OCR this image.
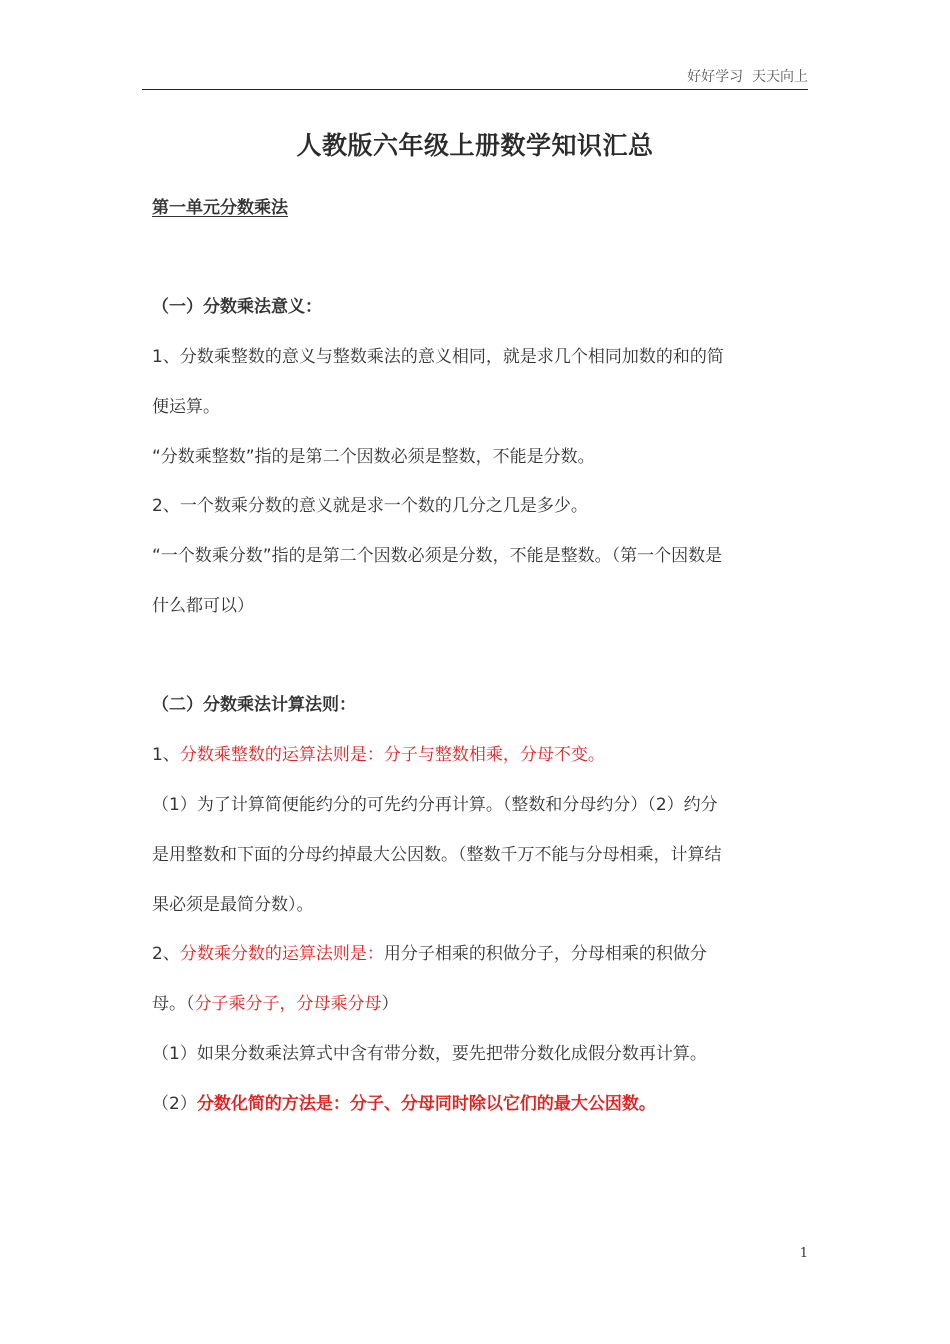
好好学习  天天向上
人教版六年级上册数学知识汇总
第一单元分数乘法
（一）分数乘法意义：
1、分数乘整数的意义与整数乘法的意义相同，就是求几个相同加数的和的简
便运算。
“分数乘整数”指的是第二个因数必须是整数，不能是分数。
2、一个数乘分数的意义就是求一个数的几分之几是多少。
“一个数乘分数”指的是第二个因数必须是分数，不能是整数。（第一个因数是
什么都可以）
（二）分数乘法计算法则：
1、分数乘整数的运算法则是：分子与整数相乘，分母不变。
（1）为了计算简便能约分的可先约分再计算。（整数和分母约分）（2）约分
是用整数和下面的分母约掉最大公因数。（整数千万不能与分母相乘，计算结
果必须是最简分数）。
2、分数乘分数的运算法则是：用分子相乘的积做分子，分母相乘的积做分
母。（分子乘分子，分母乘分母）
（1）如果分数乘法算式中含有带分数，要先把带分数化成假分数再计算。
（2）分数化简的方法是：分子、分母同时除以它们的最大公因数。
1
